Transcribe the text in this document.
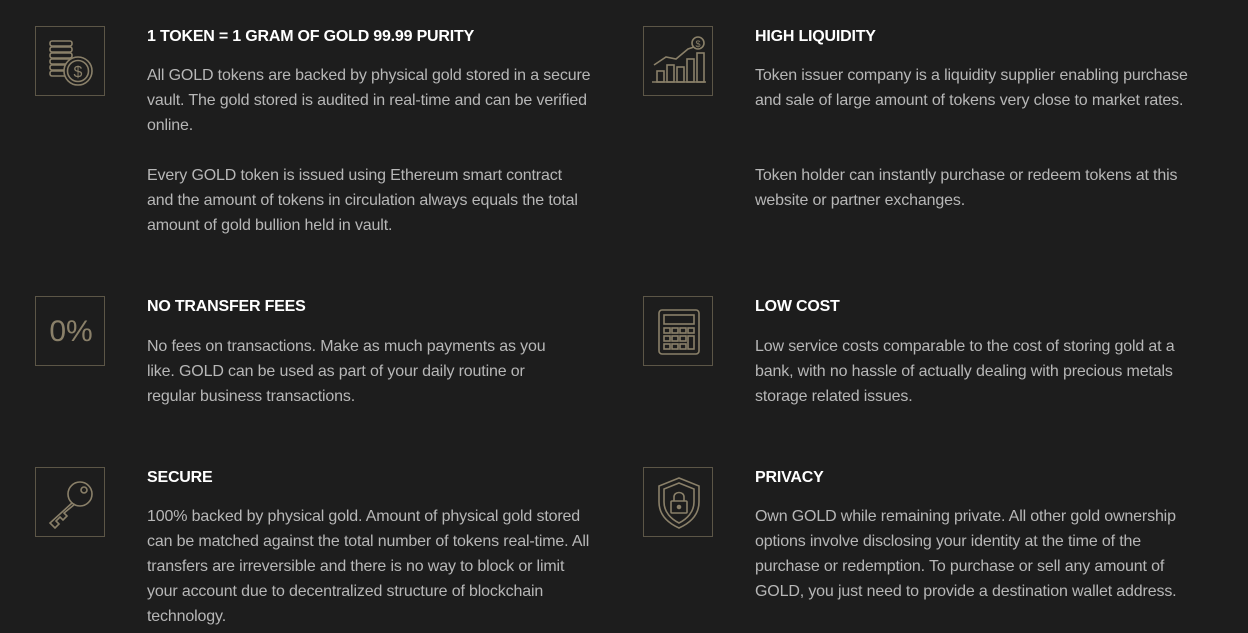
$
1 TOKEN = 1 GRAM OF GOLD 99.99 PURITY
All GOLD tokens are backed by physical gold stored in a secure vault. The gold stored is audited in real-time and can be verified online.
Every GOLD token is issued using Ethereum smart contract and the amount of tokens in circulation always equals the total amount of gold bullion held in vault.
$	HIGH LIQUIDITY
Token issuer company is a liquidity supplier enabling purchase and sale of large amount of tokens very close to market rates.
Token holder can instantly purchase or redeem tokens at this website or partner exchanges.
0%
NO TRANSFER FEES
No fees on transactions. Make as much payments as you like. GOLD can be used as part of your daily routine or regular business transactions.
LOW COST
Low service costs comparable to the cost of storing gold at a bank, with no hassle of actually dealing with precious metals storage related issues.
SECURE
100% backed by physical gold. Amount of physical gold stored can be matched against the total number of tokens real-time. All transfers are irreversible and there is no way to block or limit your account due to decentralized structure of blockchain technology.
PRIVACY
Own GOLD while remaining private. All other gold ownership options involve disclosing your identity at the time of the purchase or redemption. To purchase or sell any amount of GOLD, you just need to provide a destination wallet address.
